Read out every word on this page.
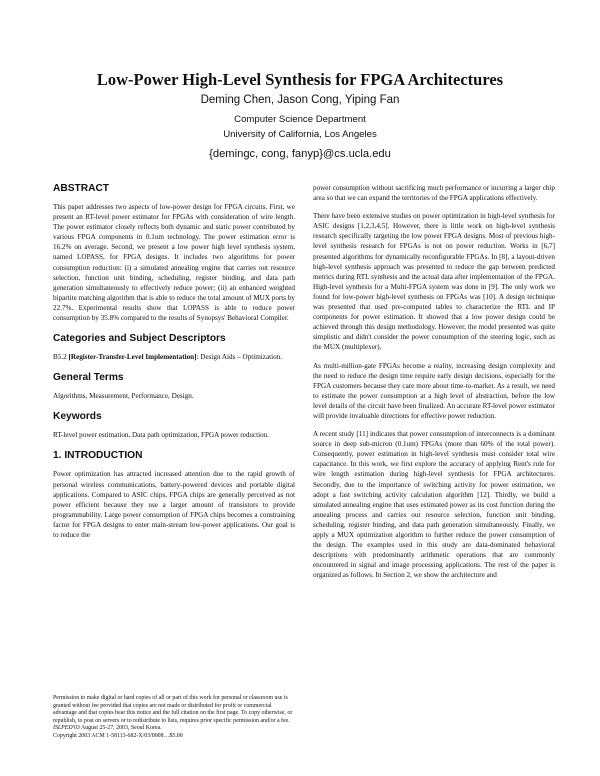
Low-Power High-Level Synthesis for FPGA Architectures
Deming Chen, Jason Cong, Yiping Fan
Computer Science Department
University of California, Los Angeles
{demingc, cong, fanyp}@cs.ucla.edu
ABSTRACT

This paper addresses two aspects of low-power design for FPGA circuits. First, we present an RT-level power estimator for FPGAs with consideration of wire length. The power estimator closely reflects both dynamic and static power contributed by various FPGA components in 0.1um technology. The power estimation error is 16.2% on average. Second, we present a low power high level synthesis system, named LOPASS, for FPGA designs. It includes two algorithms for power consumption reduction: (i) a simulated annealing engine that carries out resource selection, function unit binding, scheduling, register binding, and data path generation simultaneously to effectively reduce power; (ii) an enhanced weighted bipartite matching algorithm that is able to reduce the total amount of MUX ports by 22.7%. Experimental results show that LOPASS is able to reduce power consumption by 35.8% compared to the results of Synopsys' Behavioral Compiler.

Categories and Subject Descriptors

B5.2 [Register-Transfer-Level Implementation]: Design Aids – Optimization.

General Terms

Algorithms, Measurement, Performance, Design.

Keywords

RT-level power estimation, Data path optimization, FPGA power reduction.

1. INTRODUCTION

Power optimization has attracted increased attention due to the rapid growth of personal wireless communications, battery-powered devices and portable digital applications. Compared to ASIC chips, FPGA chips are generally perceived as not power efficient because they use a larger amount of transistors to provide programmability. Large power consumption of FPGA chips becomes a constraining factor for FPGA designs to enter main-stream low-power applications. Our goal is to reduce the

Permission to make digital or hard copies of all or part of this work for personal or classroom use is granted without fee provided that copies are not made or distributed for profit or commercial advantage and that copies bear this notice and the full citation on the first page. To copy otherwise, or republish, to post on servers or to redistribute to lists, requires prior specific permission and/or a fee.

ISLPED'03 August 25-27, 2003, Seoul Korea.

Copyright 2003 ACM 1-58113-682-X/03/0008…$5.00

power consumption without sacrificing much performance or incurring a larger chip area so that we can expand the territories of the FPGA applications effectively.

There have been extensive studies on power optimization in high-level synthesis for ASIC designs [1,2,3,4,5]. However, there is little work on high-level synthesis research specifically targeting the low power FPGA designs. Most of previous high-level synthesis research for FPGAs is not on power reduction. Works in [6,7] presented algorithms for dynamically reconfigurable FPGAs. In [8], a layout-driven high-level synthesis approach was presented to reduce the gap between predicted metrics during RTL synthesis and the actual data after implementation of the FPGA. High-level synthesis for a Multi-FPGA system was done in [9]. The only work we found for low-power high-level synthesis on FPGAs was [10]. A design technique was presented that used pre-computed tables to characterize the RTL and IP components for power estimation. It showed that a low power design could be achieved through this design methodology. However, the model presented was quite simplistic and didn't consider the power consumption of the steering logic, such as the MUX (multiplexer).

As multi-million-gate FPGAs become a reality, increasing design complexity and the need to reduce the design time require early design decisions, especially for the FPGA customers because they care more about time-to-market. As a result, we need to estimate the power consumption at a high level of abstraction, before the low level details of the circuit have been finalized. An accurate RT-level power estimator will provide invaluable directions for effective power reduction.

A recent study [11] indicates that power consumption of interconnects is a dominant source in deep sub-micron (0.1um) FPGAs (more than 60% of the total power). Consequently, power estimation in high-level synthesis must consider total wire capacitance. In this work, we first explore the accuracy of applying Rent's rule for wire length estimation during high-level synthesis for FPGA architectures. Secondly, due to the importance of switching activity for power estimation, we adopt a fast switching activity calculation algorithm [12]. Thirdly, we build a simulated annealing engine that uses estimated power as its cost function during the annealing process and carries out resource selection, function unit binding, scheduling, register binding, and data path generation simultaneously. Finally, we apply a MUX optimization algorithm to further reduce the power consumption of the design. The examples used in this study are data-dominated behavioral descriptions with predominantly arithmetic operations that are commonly encountered in signal and image processing applications. The rest of the paper is organized as follows. In Section 2, we show the architecture and
